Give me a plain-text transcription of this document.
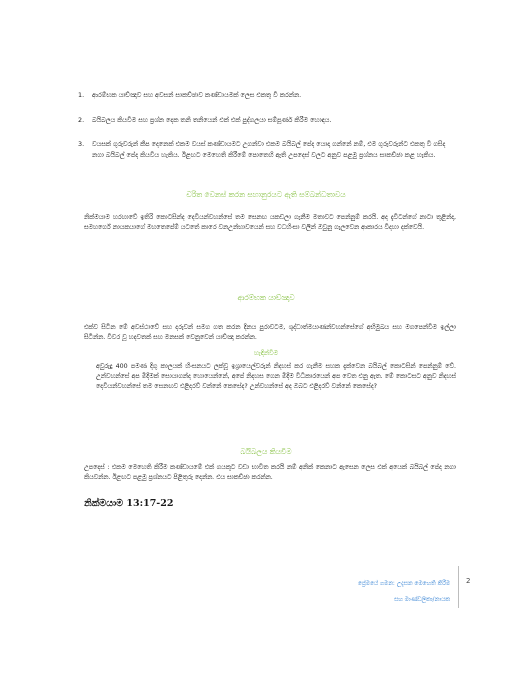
1.	ආරම්භක යාච්ඤාව සහ අවසන් සාකච්ඡාව කණ්ඩායමක් ලෙස එකතු වී කරන්න.
2.	බයිබලය කියවීම සහ ප්‍රශ්න දෙක තනි තනියෙන් එක් එක් පුද්ගලයා සම්පූර්ණ කිරීම හොඳය.
3.	වයසක් ගුරුවරුන් කීප දෙනෙක් එකම වයස් කණ්ඩායමට උගන්වා එකම බයිබල් පේද යොදා ගන්නේ නම්, එම ගුරුවරුන්ට එකතු වී ගසිද නගා බයිබල් පේද කියවිය හැකිය. ඊළඟට මෙහෙති කිරීමේ පොතෙහි ඇති උපදෙස් වලට අනුව පළමු ප්‍රශ්නය සාකච්ඡා කළ හැකිය.
චරිත වෙනස් කරන සහානුරයට ඇති සම්බන්ධතාවය
නික්මයාම හරහාවේ ඉතිරි කොටසින්ද දෙවියන්වහන්සේ තම සෙනඟ යකඩලා ගැනීම මතාවට පෙන්නුම් කරයි. අද දැවිටන්ගේ නාටා තුළින්ද, සමහර්ගේ නායකයාගේ මහතෙපේම් යටතේ කාරෙ වනඋන්භාවයෙන් සහ වධහිංසා වලින් ඔවුනු ගැලවෙන ආකාරය විදහා දක්වෙයි.
ආරම්භක යාච්ඤාව
එක්ව සිටින මේ අවස්ථාවේ සහ දරුවන් සමග ගත කරන දිනය පුරාවටම, ශුද්ධාත්මයාණන්වහන්සේගේ අභිමුඛය සහ මගපෙන්වීම ඉල්ලා සිටින්න. විවර වූ හදවතක් සහ මනසක් වෙනුවෙන් යාච්ඤා කරන්න.
හැඳින්වීම
අවුරුදු 400 පමණ දිගු කාලයක් හිංසනයට ලක්වූ ඉශ්‍රායෙල්වරුන් නිදහස් කර ගැනීම සහක දැක්වෙන බයිබල් කොටසින් පෙන්නුම් වේ. උන්වහන්සේ අප මිදීමක් සොයාගන්ද හොයෙන්නේ, අපේ නිදහස ගෙන මිදීම විධිකාරයෙන් අප වෙත එනු ඇත. මේ කොටසට අනුව නිදහස් දෙවියන්වහන්සේ තම සෙනඟව එළිදරව් වන්නේ කෙසේද? උන්වහන්සේ අද ඔබට එළිදරව් වන්නේ කෙසේද?
බයිබලය කියවීම
උපදෙස් : එකම මෙහෙති කිරීම කණ්ඩායමේ එක් ගයකුට වඩා භාවිත කරයි නම් අනික් කෙනාට ඇසෙන ලෙස එක් අයෙක් බයිබල් පේද නගා කියවන්න. ඊළඟට පළමු ප්‍රශ්නයට පිළිතුරු දෙන්න. එය සාකච්ඡා කරන්න.
නික්මයාම 13:17-22
ප්‍රේමයේ ගමන: උදැසන මෙහෙති කිරීම
සහ මාණ්ඩලිකා/නායක
2
